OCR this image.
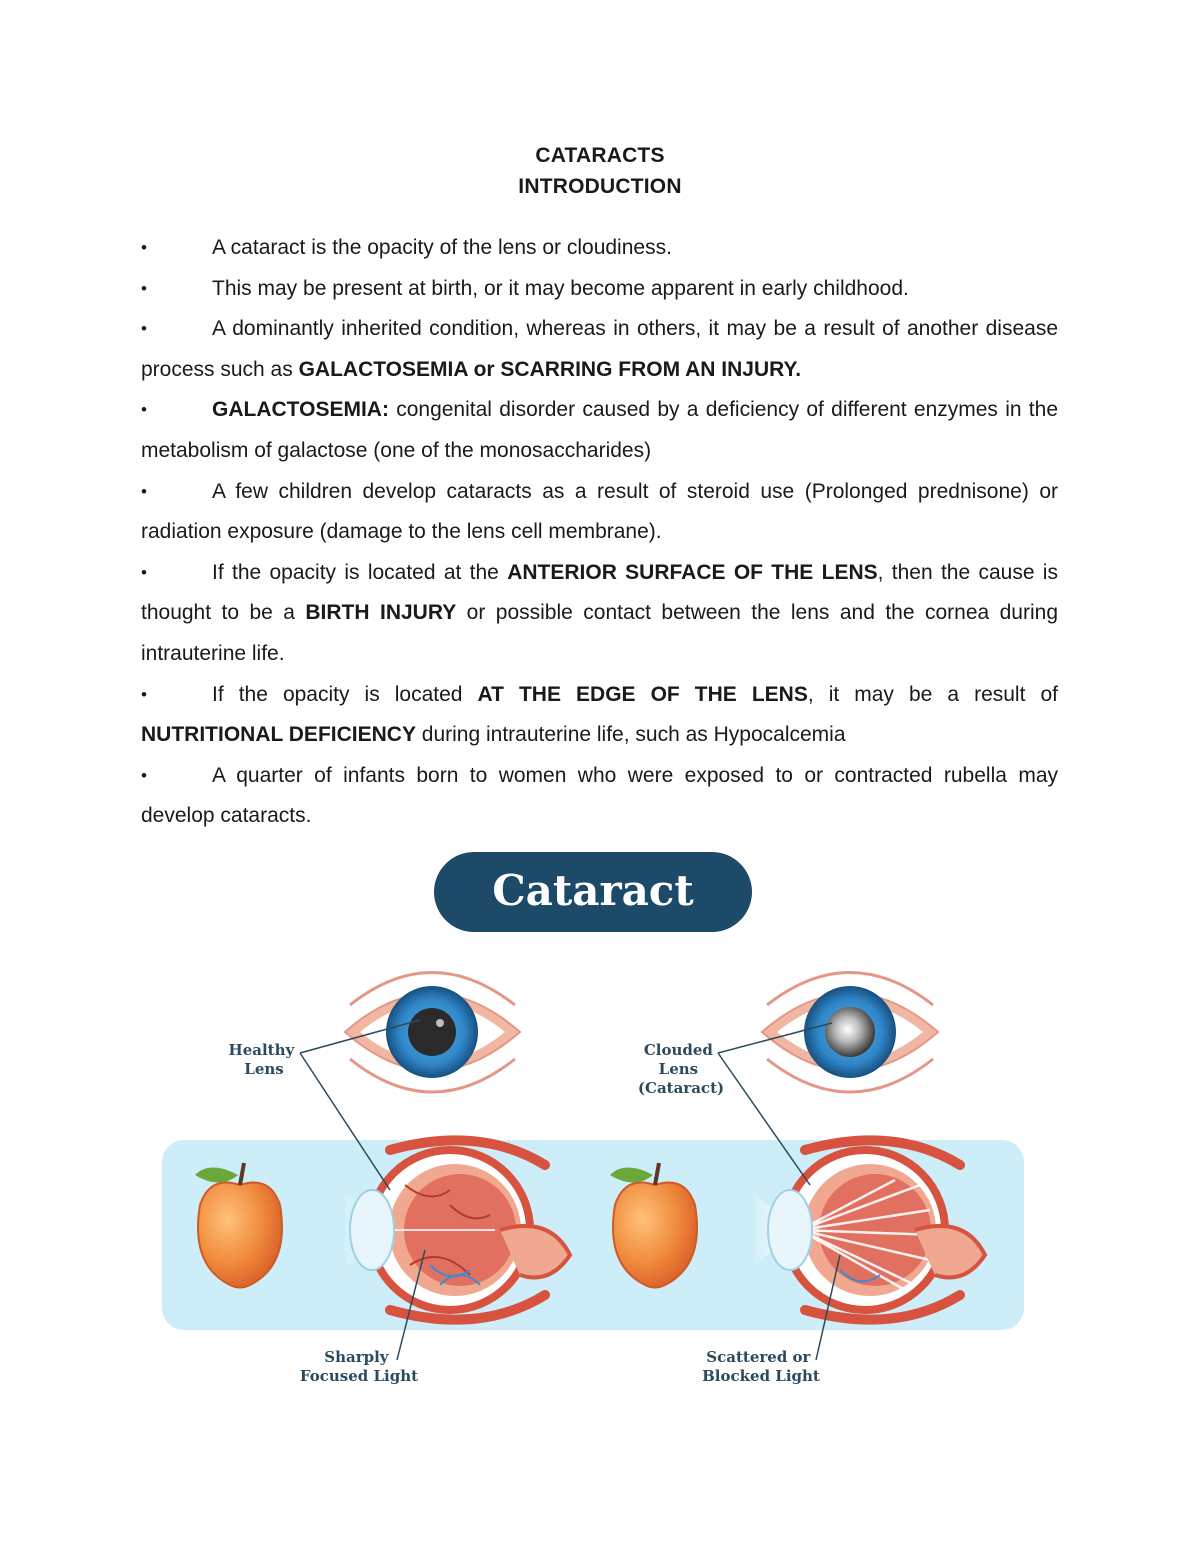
CATARACTS
INTRODUCTION

•	A cataract is the opacity of the lens or cloudiness.

•	This may be present at birth, or it may become apparent in early childhood.

•	A dominantly inherited condition, whereas in others, it may be a result of another disease process such as GALACTOSEMIA or SCARRING FROM AN INJURY.

•	GALACTOSEMIA: congenital disorder caused by a deficiency of different enzymes in the metabolism of galactose (one of the monosaccharides)

•	A few children develop cataracts as a result of steroid use (Prolonged prednisone) or radiation exposure (damage to the lens cell membrane).

•	If the opacity is located at the ANTERIOR SURFACE OF THE LENS, then the cause is thought to be a BIRTH INJURY or possible contact between the lens and the cornea during intrauterine life.

•	If the opacity is located AT THE EDGE OF THE LENS, it may be a result of NUTRITIONAL DEFICIENCY during intrauterine life, such as Hypocalcemia

•	A quarter of infants born to women who were exposed to or contracted rubella may develop cataracts.

Cataract
Healthy Lens
Clouded Lens (Cataract)
Sharply Focused Light
Scattered or Blocked Light
